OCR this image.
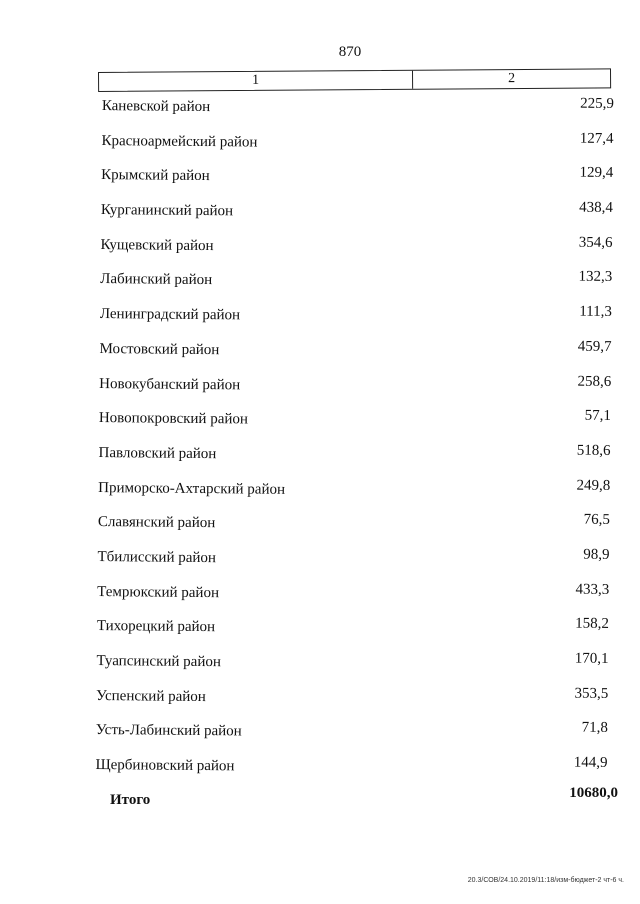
870
1	2
Каневской район	225,9
Красноармейский район	127,4
Крымский район	129,4
Курганинский район	438,4
Кущевский район	354,6
Лабинский район	132,3
Ленинградский район	111,3
Мостовский район	459,7
Новокубанский район	258,6
Новопокровский район	57,1
Павловский район	518,6
Приморско-Ахтарский район	249,8
Славянский район	76,5
Тбилисский район	98,9
Темрюкский район	433,3
Тихорецкий район	158,2
Туапсинский район	170,1
Успенский район	353,5
Усть-Лабинский район	71,8
Щербиновский район	144,9
Итого	10680,0
20.3/СОВ/24.10.2019/11:18/изм-бюджет-2 чт-6 ч.
